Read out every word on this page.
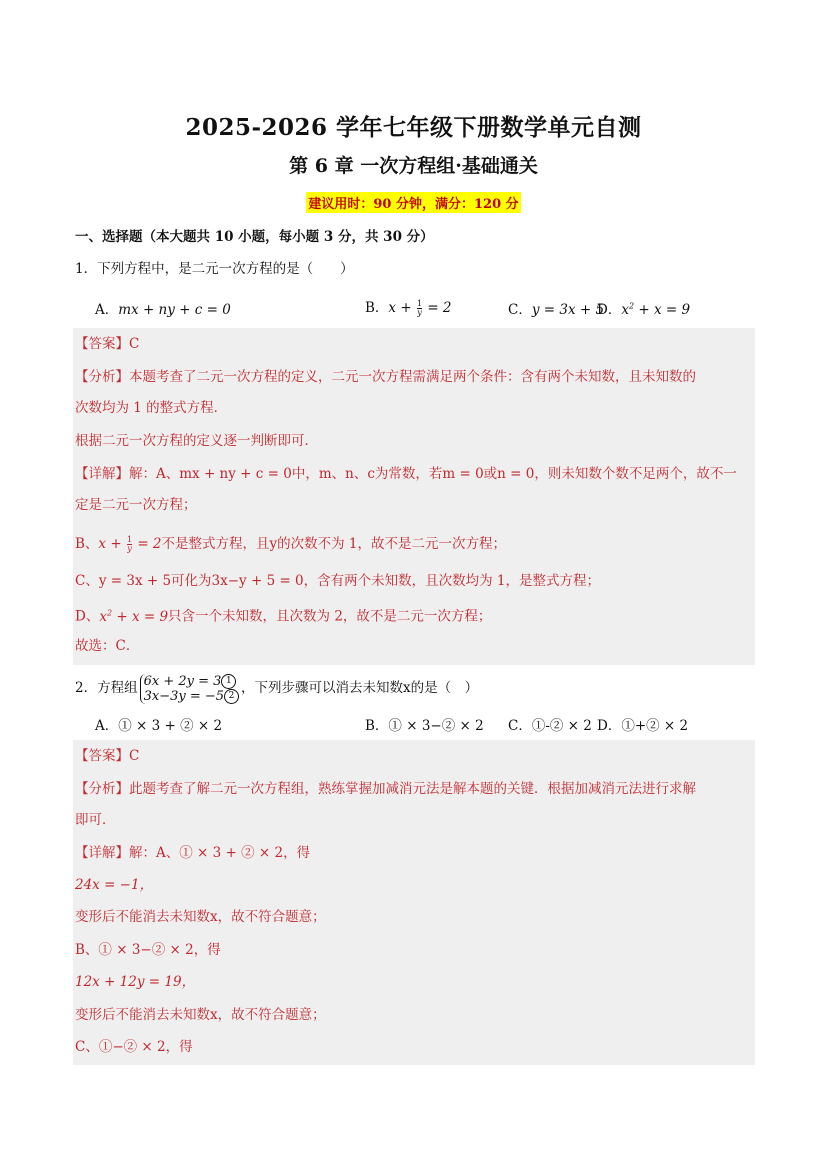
2025-2026 学年七年级下册数学单元自测
第 6 章 一次方程组·基础通关
建议用时：90 分钟，满分：120 分
一、选择题（本大题共 10 小题，每小题 3 分，共 30 分）
1．下列方程中，是二元一次方程的是（　　）
A．mx + ny + c = 0	B．$x + \frac{1}{y} = 2$	C．y = 3x + 5
D．$x^2 + x = 9$
【答案】C
【分析】本题考查了二元一次方程的定义，二元一次方程需满足两个条件：含有两个未知数，且未知数的
次数均为 1 的整式方程．
根据二元一次方程的定义逐一判断即可．
【详解】解：A、mx + ny + c = 0中，m、n、c为常数，若m = 0或n = 0，则未知数个数不足两个，故不一
定是二元一次方程；
B、$x + \frac{1}{y} = 2$不是整式方程，且y的次数不为 1，故不是二元一次方程；
C、y = 3x + 5可化为3x−y + 5 = 0，含有两个未知数，且次数均为 1，是整式方程；
D、$x^2 + x = 9$只含一个未知数，且次数为 2，故不是二元一次方程；
故选：C．
2．方程组 6x + 2y = 3 1
3x−3y = −5 2 ，下列步骤可以消去未知数x的是（　）
A．① × 3 + ② × 2	B．① × 3−② × 2 C．①-② × 2 D．①+② × 2
【答案】C
【分析】此题考查了解二元一次方程组，熟练掌握加减消元法是解本题的关键．根据加减消元法进行求解
即可．
【详解】解：A、① × 3 + ② × 2，得
24x = −1，
变形后不能消去未知数x，故不符合题意；
B、① × 3−② × 2，得
12x + 12y = 19，
变形后不能消去未知数x，故不符合题意；
C、①−② × 2，得
